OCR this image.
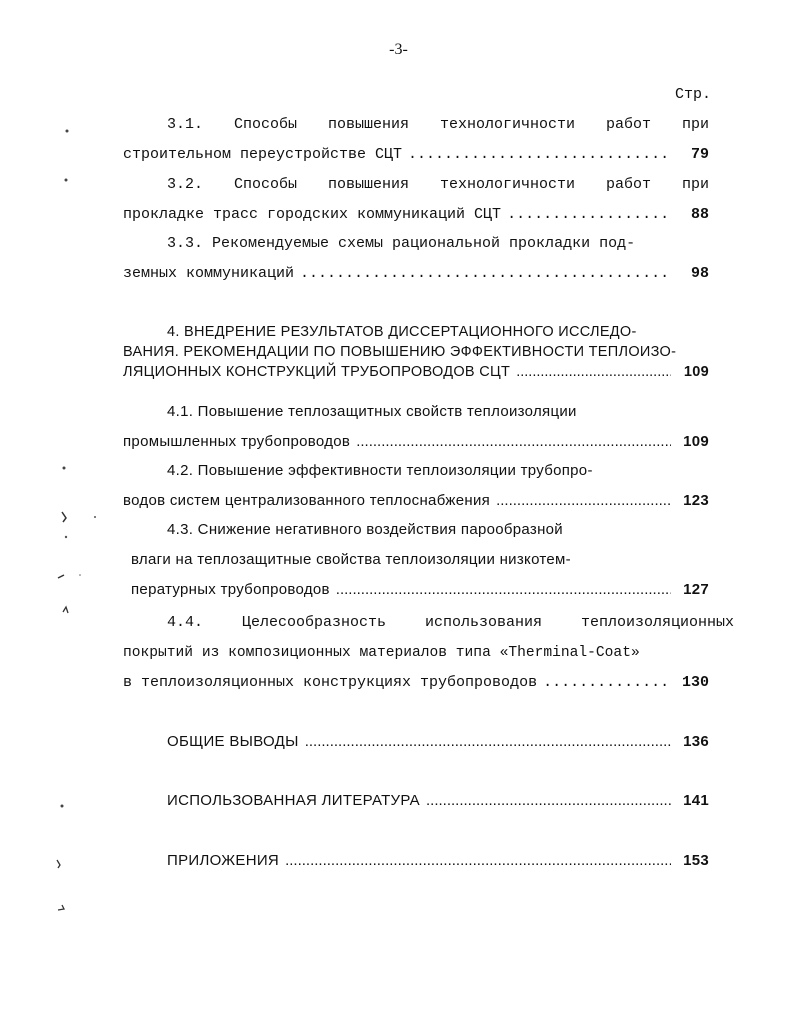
-3-
Стр.
3.1. Способы повышения технологичности работ при
строительном переустройстве СЦТ .....	79
3.2. Способы повышения технологичности работ при
прокладке трасс городских коммуникаций СЦТ .....	88
3.3. Рекомендуемые схемы рациональной прокладки под-
земных коммуникаций .....	98
4. ВНЕДРЕНИЕ РЕЗУЛЬТАТОВ ДИССЕРТАЦИОННОГО ИССЛЕДО-
ВАНИЯ. РЕКОМЕНДАЦИИ ПО ПОВЫШЕНИЮ ЭФФЕКТИВНОСТИ ТЕПЛОИЗО-
ЛЯЦИОННЫХ КОНСТРУКЦИЙ ТРУБОПРОВОДОВ СЦТ .....	109
4.1. Повышение теплозащитных свойств теплоизоляции
промышленных трубопроводов .....	109
4.2. Повышение эффективности теплоизоляции трубопро-
водов систем централизованного теплоснабжения .....	123
4.3. Снижение негативного воздействия парообразной
влаги на теплозащитные свойства теплоизоляции низкотем-
пературных трубопроводов .....	127
4.4.	Целесообразность	использования	теплоизоляционных
покрытий из композиционных материалов типа «Therminal-Coat»
в теплоизоляционных конструкциях трубопроводов .....	130
ОБЩИЕ ВЫВОДЫ .....	136
ИСПОЛЬЗОВАННАЯ ЛИТЕРАТУРА .....	141
ПРИЛОЖЕНИЯ .....	153
